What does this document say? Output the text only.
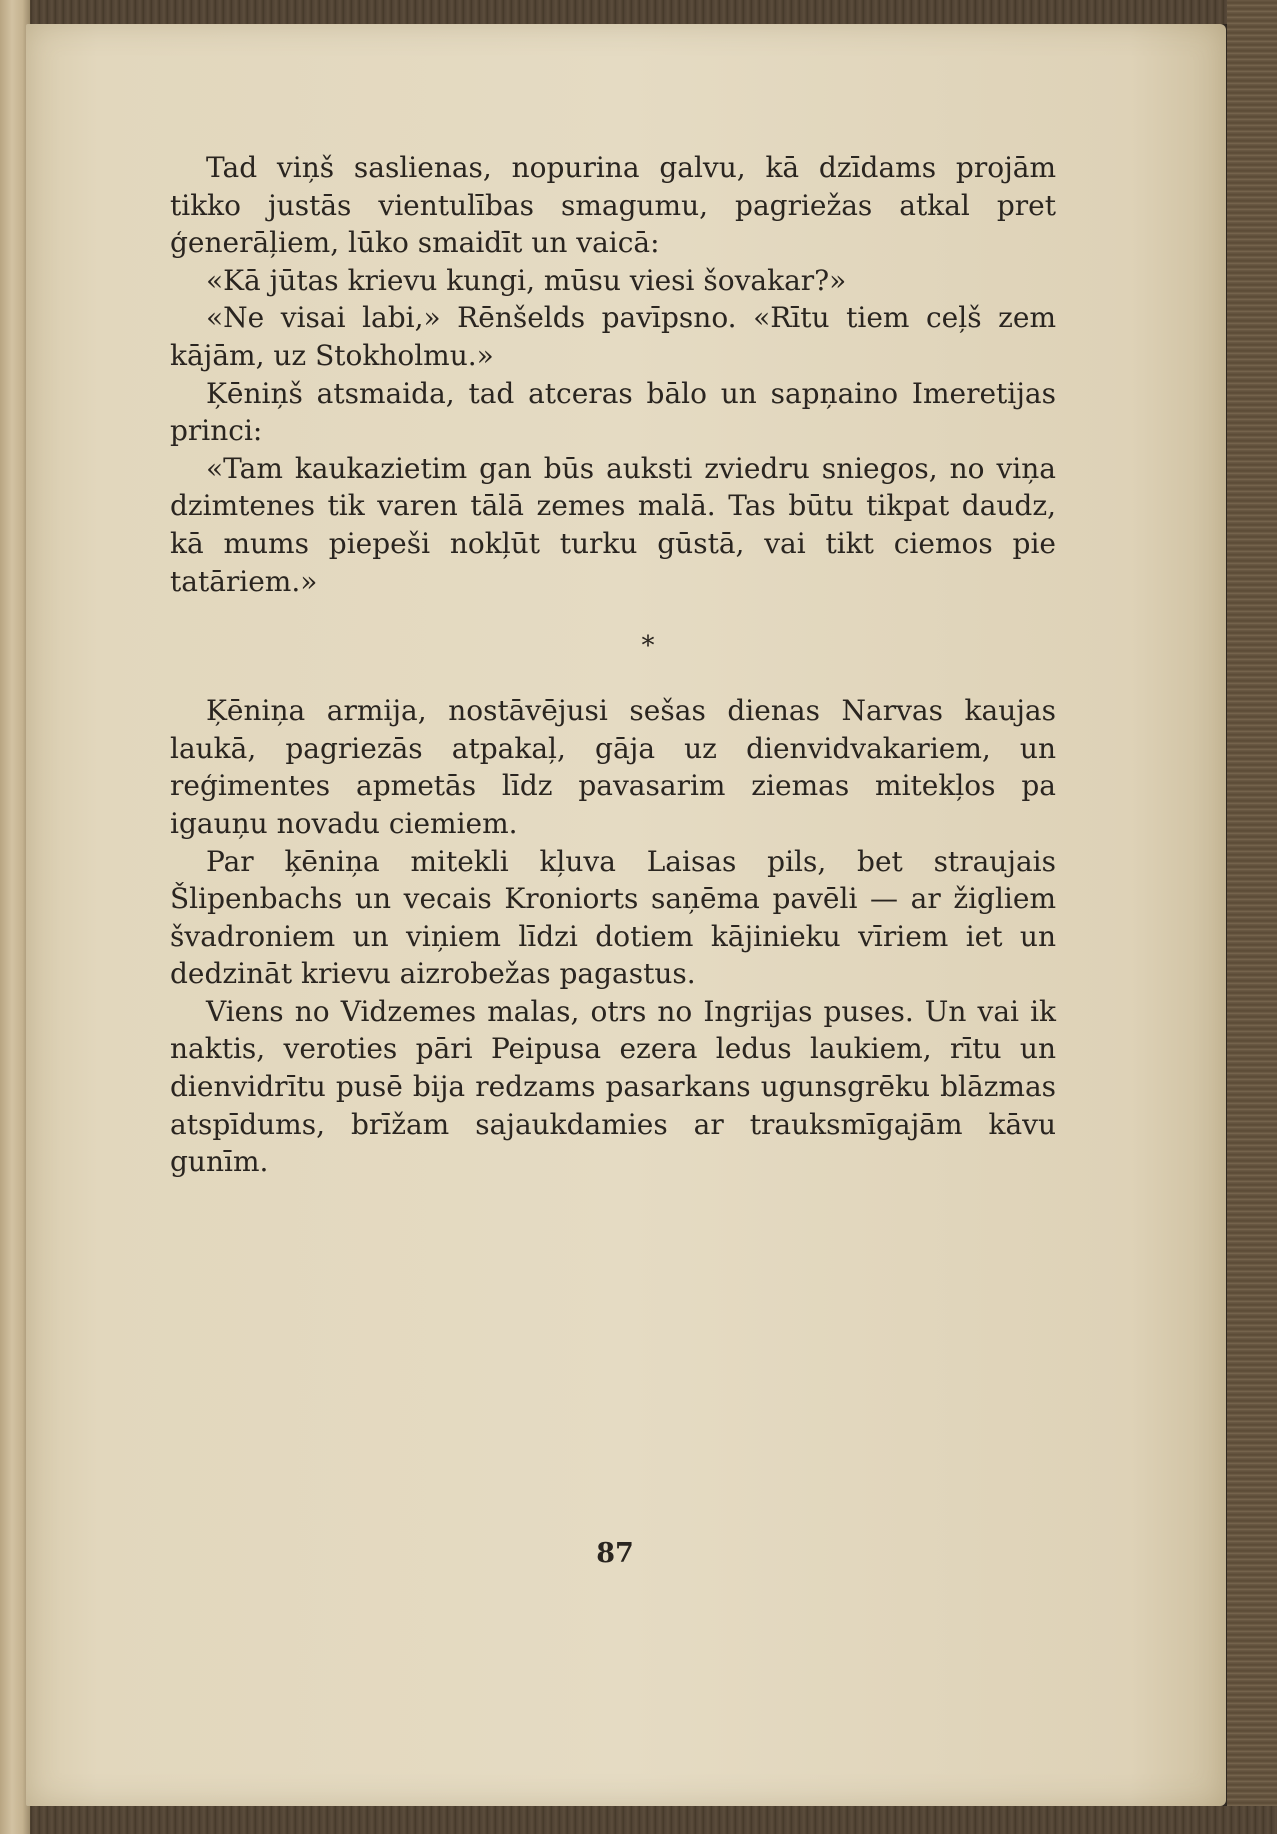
Tad viņš saslienas, nopurina galvu, kā dzīdams projām tikko justās vientulības smagumu, pagriežas atkal pret ģenerāļiem, lūko smaidīt un vaicā:

«Kā jūtas krievu kungi, mūsu viesi šovakar?»

«Ne visai labi,» Rēnšelds pavīpsno. «Rītu tiem ceļš zem kājām, uz Stokholmu.»

Ķēniņš atsmaida, tad atceras bālo un sapņaino Imeretijas princi:

«Tam kaukazietim gan būs auksti zviedru sniegos, no viņa dzimtenes tik varen tālā zemes malā. Tas būtu tikpat daudz, kā mums piepeši nokļūt turku gūstā, vai tikt ciemos pie tatāriem.»

*

Ķēniņa armija, nostāvējusi sešas dienas Narvas kaujas laukā, pagriezās atpakaļ, gāja uz dienvidvakariem, un reģimentes apmetās līdz pavasarim ziemas mitekļos pa igauņu novadu ciemiem.

Par ķēniņa mitekli kļuva Laisas pils, bet straujais Šlipenbachs un vecais Kroniorts saņēma pavēli — ar žigliem švadroniem un viņiem līdzi dotiem kājinieku vīriem iet un dedzināt krievu aizrobežas pagastus.

Viens no Vidzemes malas, otrs no Ingrijas puses. Un vai ik naktis, veroties pāri Peipusa ezera ledus laukiem, rītu un dienvidrītu pusē bija redzams pasarkans ugunsgrēku blāzmas atspīdums, brīžam sajaukdamies ar trauksmīgajām kāvu gunīm.

87
